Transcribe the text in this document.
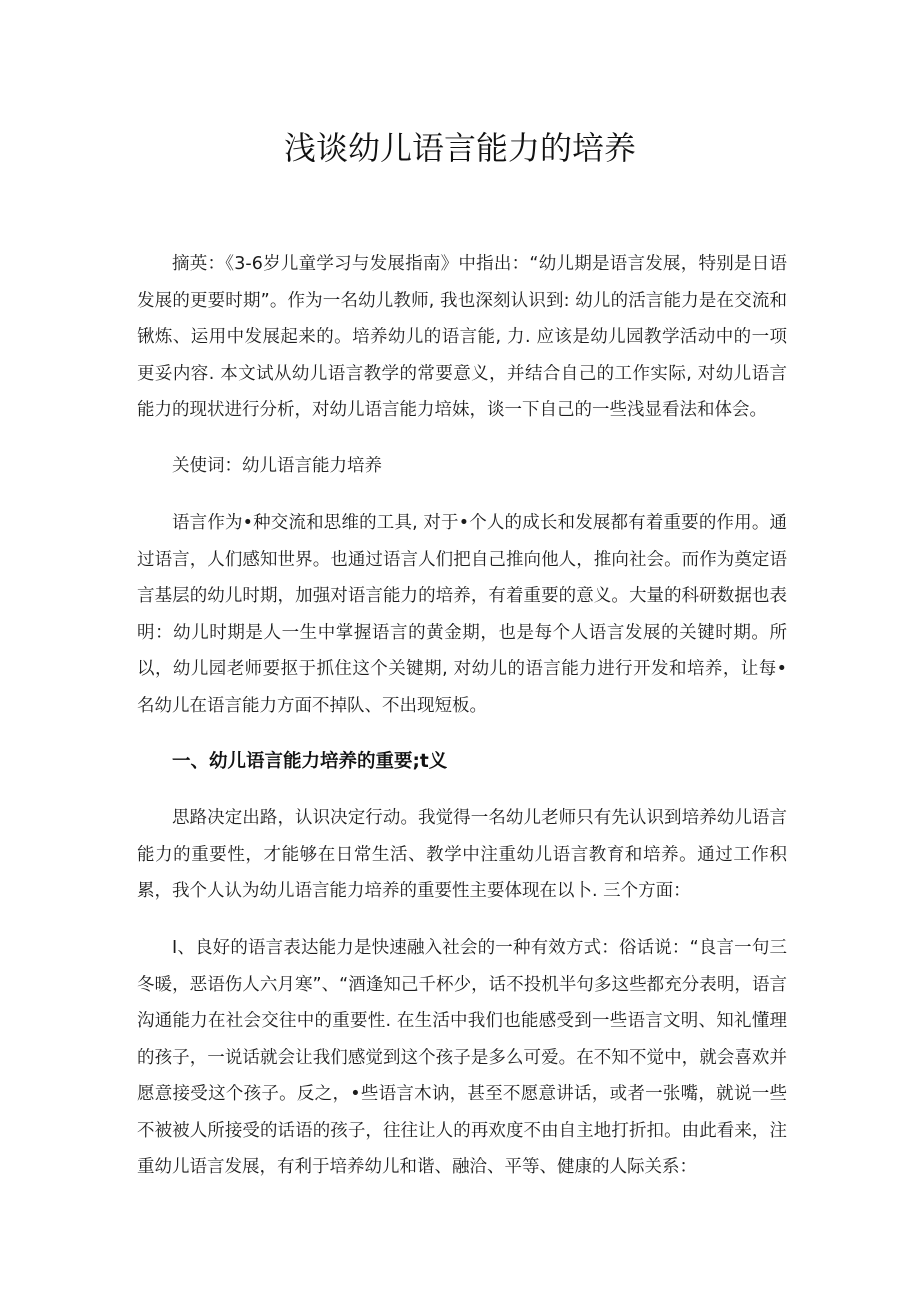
浅谈幼儿语言能力的培养

摘英：《3-6岁儿童学习与发展指南》中指出：“幼儿期是语言发展，特别是日语发展的更要时期”。作为一名幼儿教师, 我也深刻认识到: 幼儿的活言能力是在交流和锹炼、运用中发展起来的。培养幼儿的语言能, 力. 应该是幼儿园教学活动中的一项更妥内容. 本文试从幼儿语言教学的常要意义，并结合自己的工作实际, 对幼儿语言能力的现状进行分析，对幼儿语言能力培妹，谈一下自己的一些浅显看法和体会。

关使词：幼儿语言能力培养

语言作为•种交流和思维的工具, 对于•个人的成长和发展都有着重要的作用。通过语言，人们感知世界。也通过语言人们把自己推向他人，推向社会。而作为奠定语言基层的幼儿时期，加强对语言能力的培养，有着重要的意义。大量的科研数据也表明：幼儿时期是人一生中掌握语言的黄金期，也是每个人语言发展的关键时期。所以，幼儿园老师要抠于抓住这个关键期, 对幼儿的语言能力进行开发和培养，让每•名幼儿在语言能力方面不掉队、不出现短板。

一、幼儿语言能力培养的重要;t义

思路决定出路，认识决定行动。我觉得一名幼儿老师只有先认识到培养幼儿语言能力的重要性，才能够在日常生活、教学中注重幼儿语言教育和培养。通过工作积累，我个人认为幼儿语言能力培养的重要性主要体现在以卜. 三个方面：

I、良好的语言表达能力是快速融入社会的一种有效方式：俗话说：“良言一句三冬暖，恶语伤人六月寒”、“酒逢知己千杯少，话不投机半句多这些都充分表明，语言沟通能力在社会交往中的重要性. 在生活中我们也能感受到一些语言文明、知礼懂理的孩子，一说话就会让我们感觉到这个孩子是多么可爱。在不知不觉中，就会喜欢并愿意接受这个孩子。反之，•些语言木讷，甚至不愿意讲话，或者一张嘴，就说一些不被被人所接受的话语的孩子，往往让人的再欢度不由自主地打折扣。由此看来，注重幼儿语言发展，有利于培养幼儿和谐、融洽、平等、健康的人际关系：
